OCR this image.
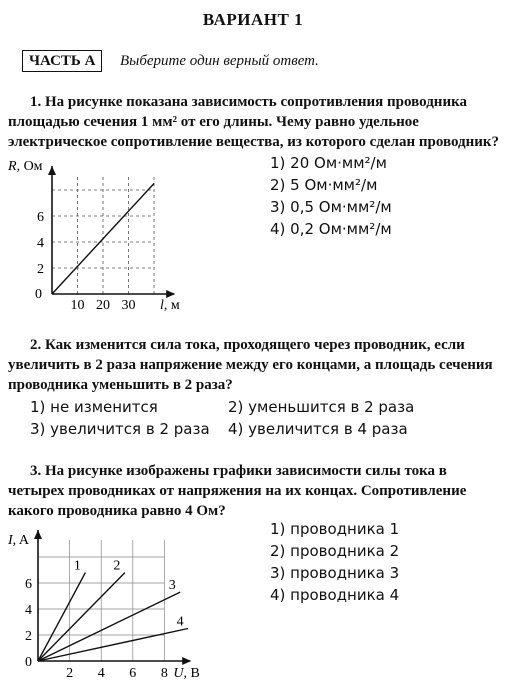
ВАРИАНТ 1
ЧАСТЬ А	Выберите один верный ответ.
1. На рисунке показана зависимость сопротивления проводника площадью сечения 1 мм² от его длины. Чему равно удельное электрическое сопротивление вещества, из которого сделан проводник?
10 20 30
2
4
6
0
R, Ом
l, м
1) 20 Ом·мм²/м
2) 5 Ом·мм²/м
3) 0,5 Ом·мм²/м
4) 0,2 Ом·мм²/м
2. Как изменится сила тока, проходящего через проводник, если увеличить в 2 раза напряжение между его концами, а площадь сечения проводника уменьшить в 2 раза?
1) не изменится	2) уменьшится в 2 раза
3) увеличится в 2 раза 4) увеличится в 4 раза
3. На рисунке изображены графики зависимости силы тока в четырех проводниках от напряжения на их концах. Сопротивление какого проводника равно 4 Ом?
1 2
3
4
2 4 6 8
2
4
6
0
I, A
U, B
1) проводника 1
2) проводника 2
3) проводника 3
4) проводника 4
